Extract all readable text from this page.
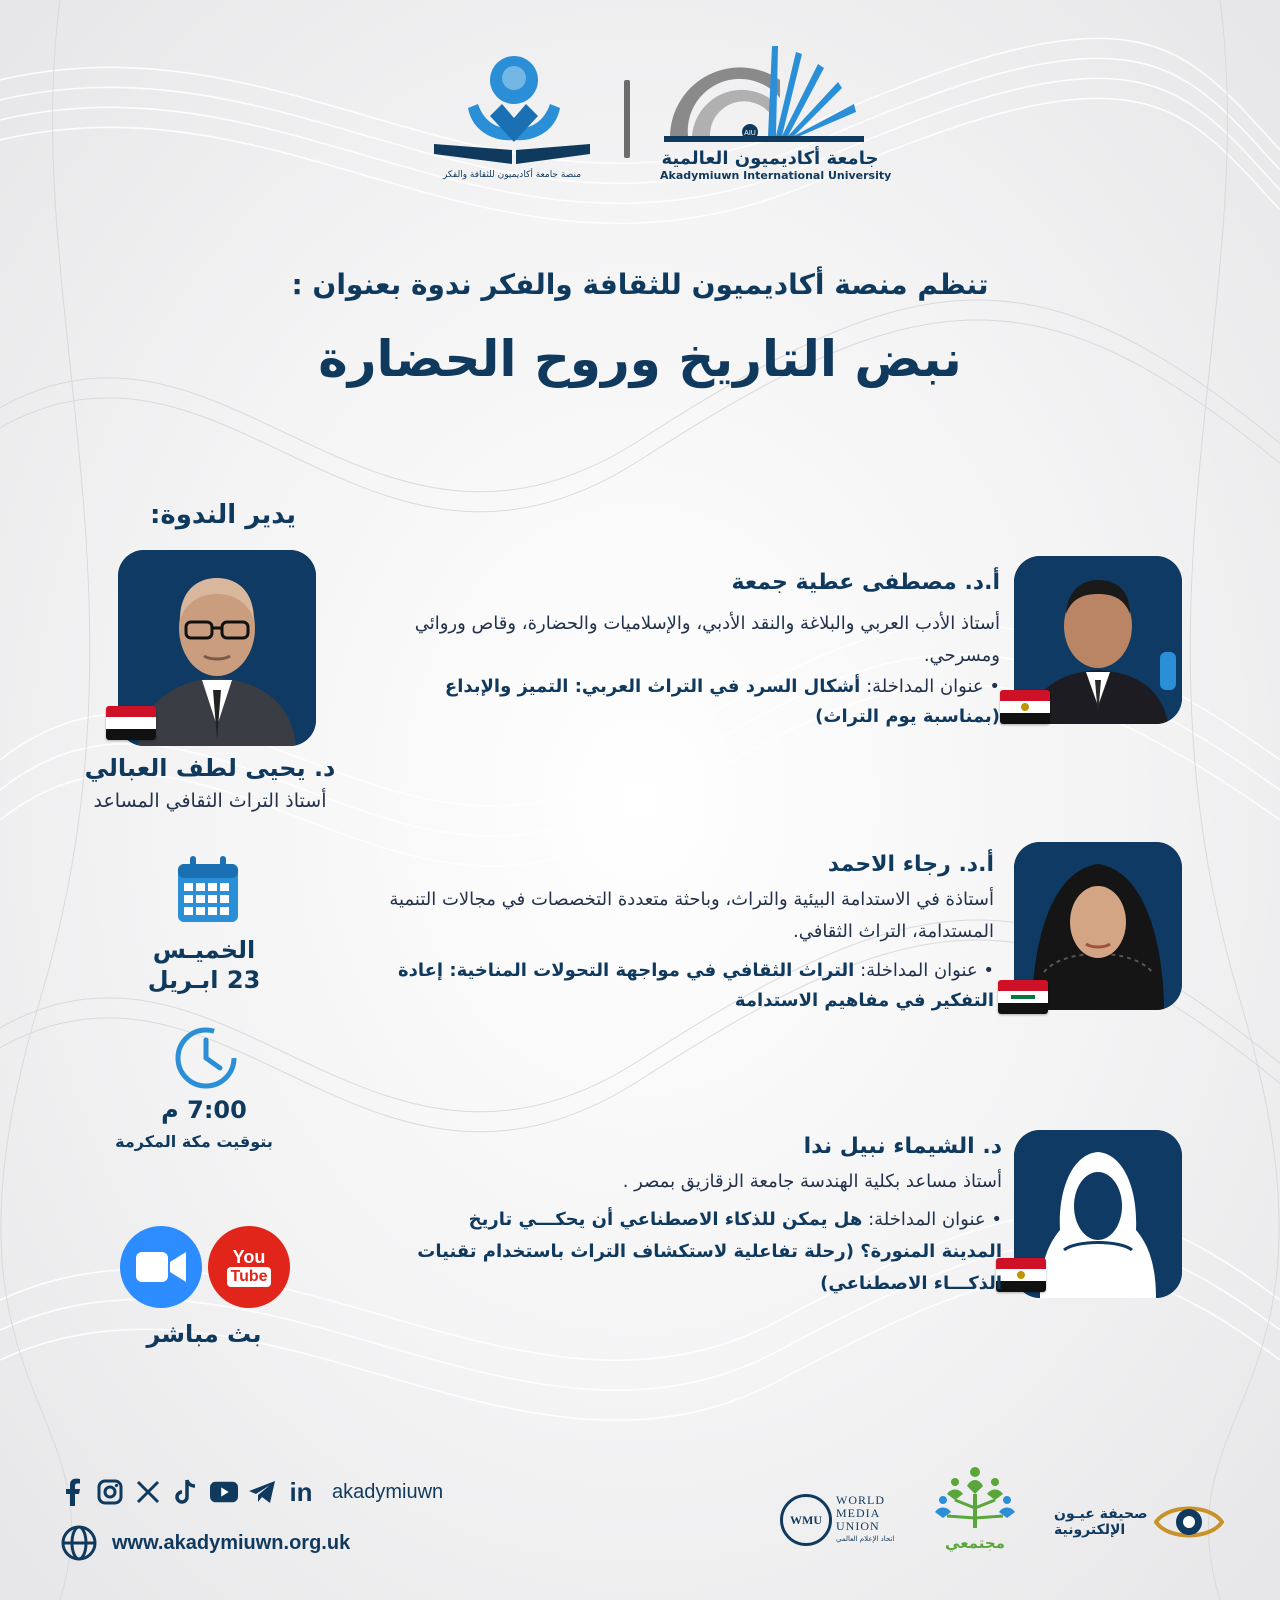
منصة جامعة أكاديميون للثقافة والفكر
AIU
جامعة أكاديميون العالمية
Akadymiuwn International University
تنظم منصة أكاديميون للثقافة والفكر ندوة بعنوان :
نبض التاريخ وروح الحضارة
يدير الندوة:
د. يحيى لطف العبالي
أستاذ التراث الثقافي المساعد
الخميـس
23 ابـريل
7:00 م
بتوقيت مكة المكرمة
You
Tube
بث مباشر
أ.د. مصطفى عطية جمعة
أستاذ الأدب العربي والبلاغة والنقد الأدبي، والإسلاميات والحضارة، وقاص وروائي ومسرحي.
• عنوان المداخلة: أشكال السرد في التراث العربي: التميز والإبداع (بمناسبة يوم التراث)
أ.د. رجاء الاحمد
أستاذة في الاستدامة البيئية والتراث، وباحثة متعددة التخصصات في مجالات التنمية المستدامة، التراث الثقافي.
• عنوان المداخلة: التراث الثقافي في مواجهة التحولات المناخية: إعادة التفكير في مفاهيم الاستدامة
د. الشيماء نبيل ندا
أستاذ مساعد بكلية الهندسة جامعة الزقازيق بمصر .
• عنوان المداخلة: هل يمكن للذكاء الاصطناعي أن يحكـــي تاريخ المدينة المنورة؟ (رحلة تفاعلية لاستكشاف التراث باستخدام تقنيات الذكـــاء الاصطناعي)
in akadymiuwn
www.akadymiuwn.org.uk
WMU
WORLD
MEDIA
UNION
اتحاد الإعلام العالمي	مجتمعي
صحيفة عيـون
الإلكترونية
